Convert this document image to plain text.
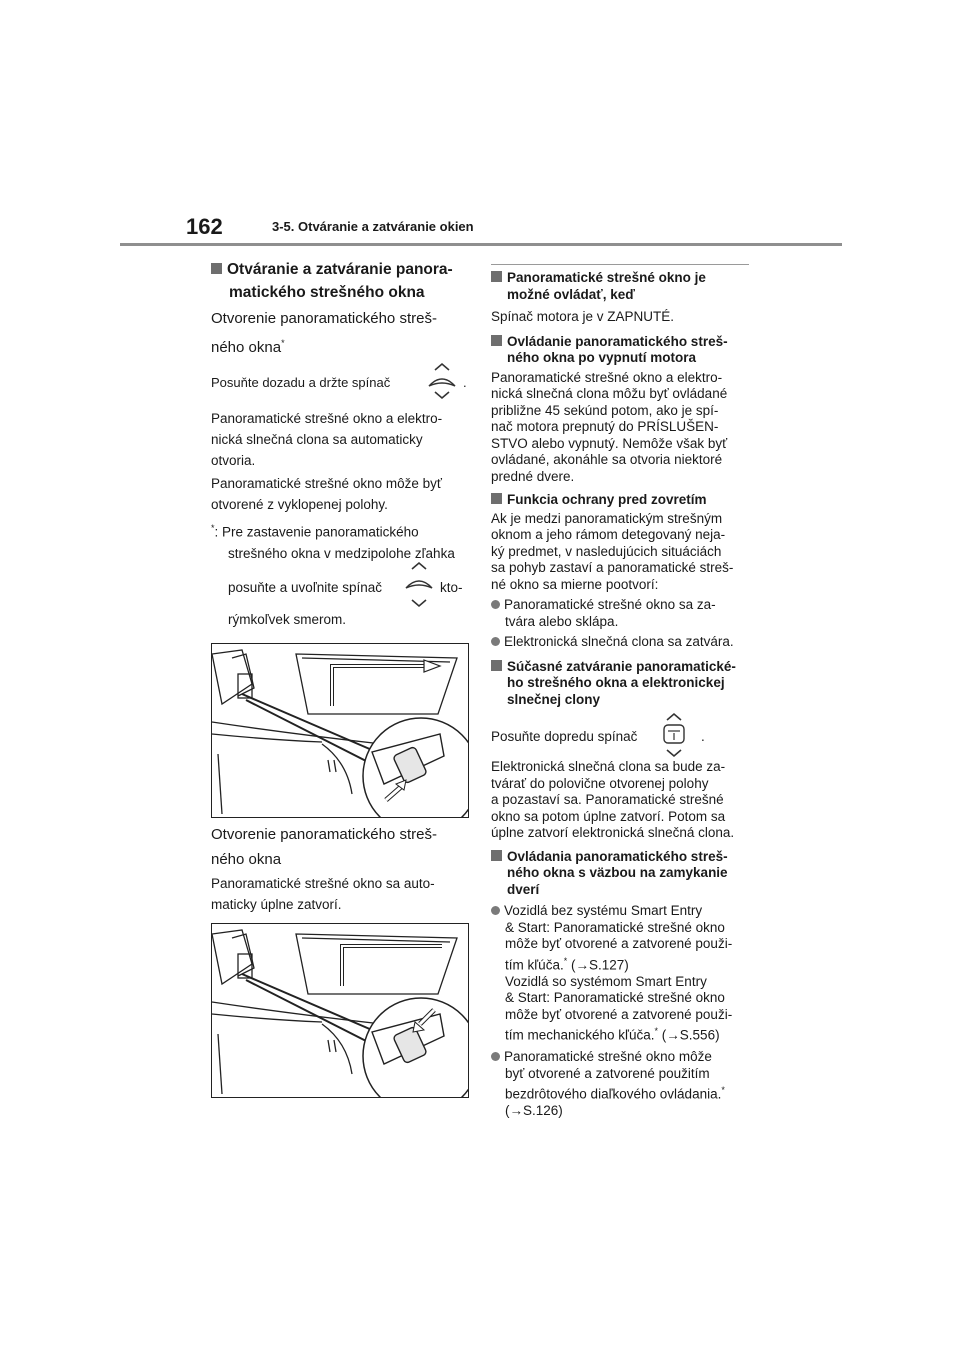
162	3-5. Otváranie a zatváranie okien
Otváranie a zatváranie panora-
matického strešného okna
Otvorenie panoramatického streš-
ného okna*
Posuňte dozadu a držte spínač	.
Panoramatické strešné okno a elektro-
nická slnečná clona sa automaticky
otvoria.
Panoramatické strešné okno môže byť
otvorené z vyklopenej polohy.
*: Pre zastavenie panoramatického
strešného okna v medzipolohe zľahka
posuňte a uvoľnite spínač	kto-
rýmkoľvek smerom.
Otvorenie panoramatického streš-
ného okna
Panoramatické strešné okno sa auto-
maticky úplne zatvorí.
Panoramatické strešné okno je
možné ovládať, keď
Spínač motora je v ZAPNUTÉ.
Ovládanie panoramatického streš-
ného okna po vypnutí motora
Panoramatické strešné okno a elektro-
nická slnečná clona môžu byť ovládané
približne 45 sekúnd potom, ako je spí-
nač motora prepnutý do PRÍSLUŠEN-
STVO alebo vypnutý. Nemôže však byť
ovládané, akonáhle sa otvoria niektoré
predné dvere.
Funkcia ochrany pred zovretím
Ak je medzi panoramatickým strešným
oknom a jeho rámom detegovaný neja-
ký predmet, v nasledujúcich situáciách
sa pohyb zastaví a panoramatické streš-
né okno sa mierne pootvorí:
Panoramatické strešné okno sa za-
tvára alebo sklápa.
Elektronická slnečná clona sa zatvára.
Súčasné zatváranie panoramatické-
ho strešného okna a elektronickej
slnečnej clony
Posuňte dopredu spínač	.
Elektronická slnečná clona sa bude za-
tvárať do polovične otvorenej polohy
a pozastaví sa. Panoramatické strešné
okno sa potom úplne zatvorí. Potom sa
úplne zatvorí elektronická slnečná clona.
Ovládania panoramatického streš-
ného okna s väzbou na zamykanie
dverí
Vozidlá bez systému Smart Entry
& Start: Panoramatické strešné okno
môže byť otvorené a zatvorené použi-
tím kľúča.* (→S.127)
Vozidlá so systémom Smart Entry
& Start: Panoramatické strešné okno
môže byť otvorené a zatvorené použi-
tím mechanického kľúča.* (→S.556)
Panoramatické strešné okno môže
byť otvorené a zatvorené použitím
bezdrôtového diaľkového ovládania.*
(→S.126)
